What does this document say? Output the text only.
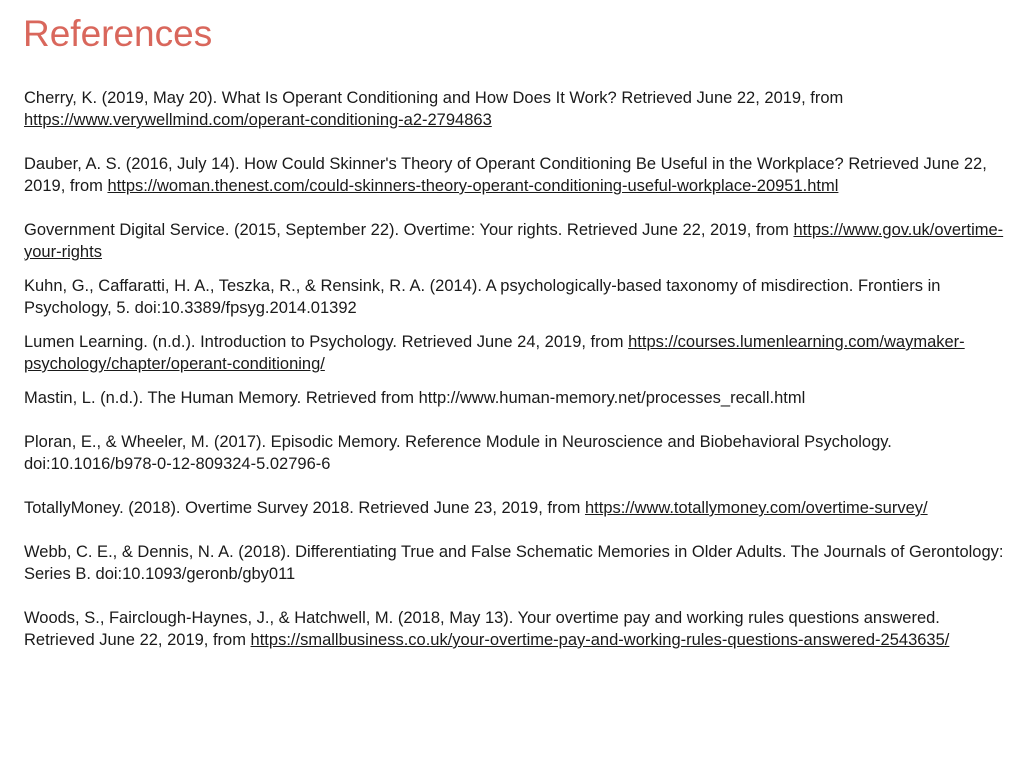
References
Cherry, K. (2019, May 20). What Is Operant Conditioning and How Does It Work? Retrieved June 22, 2019, from https://www.verywellmind.com/operant-conditioning-a2-2794863
Dauber, A. S. (2016, July 14). How Could Skinner's Theory of Operant Conditioning Be Useful in the Workplace? Retrieved June 22, 2019, from https://woman.thenest.com/could-skinners-theory-operant-conditioning-useful-workplace-20951.html
Government Digital Service. (2015, September 22). Overtime: Your rights. Retrieved June 22, 2019, from https://www.gov.uk/overtime-your-rights
Kuhn, G., Caffaratti, H. A., Teszka, R., & Rensink, R. A. (2014). A psychologically-based taxonomy of misdirection. Frontiers in Psychology, 5. doi:10.3389/fpsyg.2014.01392
Lumen Learning. (n.d.). Introduction to Psychology. Retrieved June 24, 2019, from https://courses.lumenlearning.com/waymaker-psychology/chapter/operant-conditioning/
Mastin, L. (n.d.). The Human Memory. Retrieved from http://www.human-memory.net/processes_recall.html
Ploran, E., & Wheeler, M. (2017). Episodic Memory. Reference Module in Neuroscience and Biobehavioral Psychology. doi:10.1016/b978-0-12-809324-5.02796-6
TotallyMoney. (2018). Overtime Survey 2018. Retrieved June 23, 2019, from https://www.totallymoney.com/overtime-survey/
Webb, C. E., & Dennis, N. A. (2018). Differentiating True and False Schematic Memories in Older Adults. The Journals of Gerontology: Series B. doi:10.1093/geronb/gby011
Woods, S., Fairclough-Haynes, J., & Hatchwell, M. (2018, May 13). Your overtime pay and working rules questions answered. Retrieved June 22, 2019, from https://smallbusiness.co.uk/your-overtime-pay-and-working-rules-questions-answered-2543635/
